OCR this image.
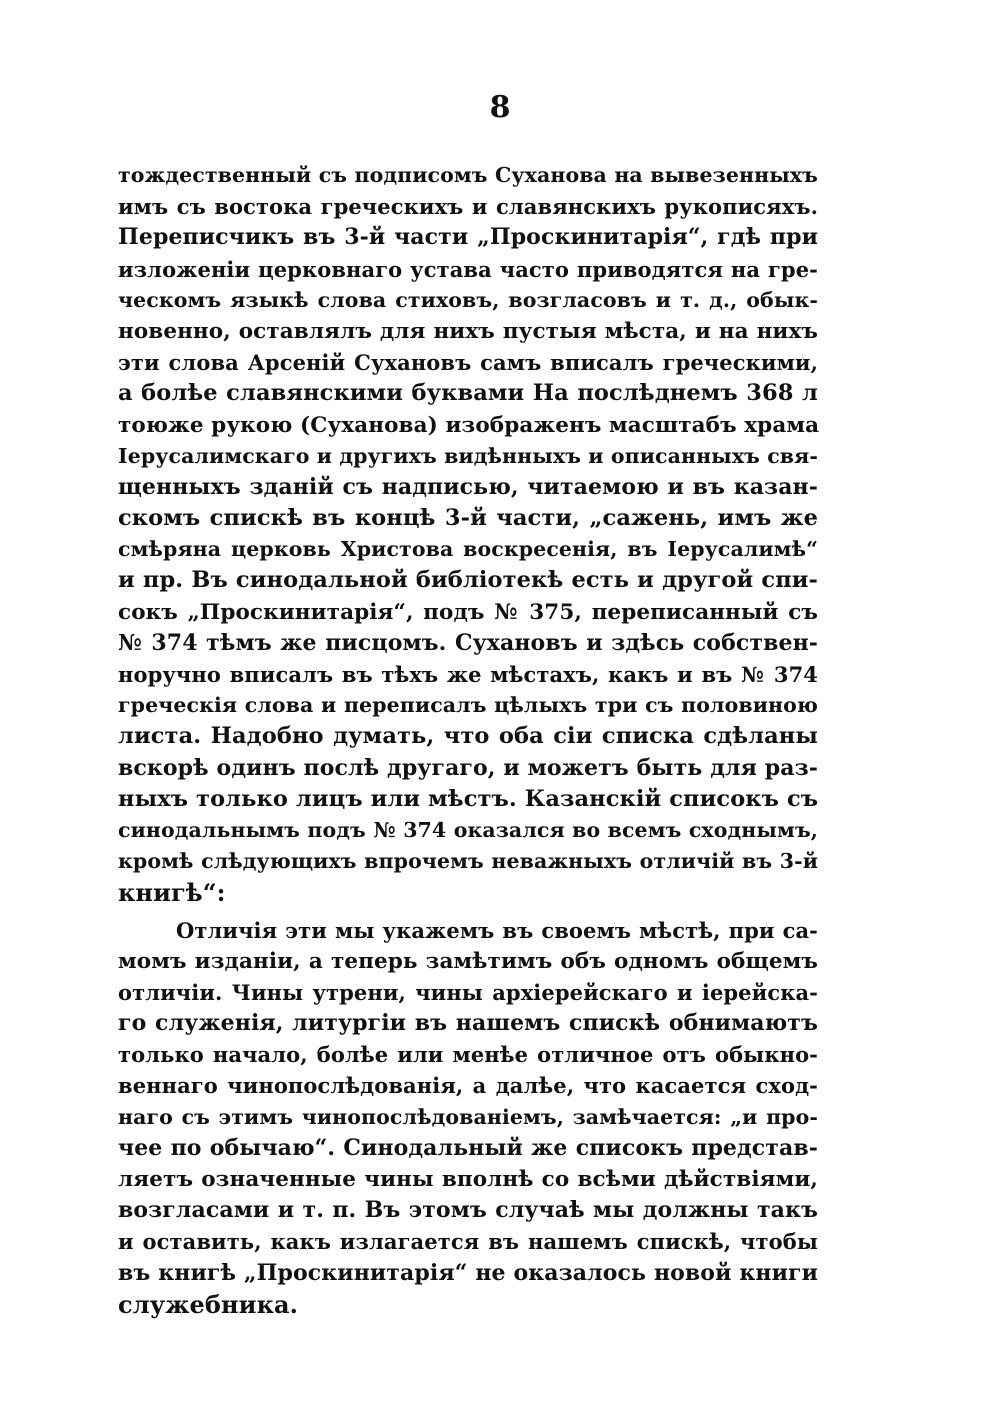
8
тождественный съ подписомъ Суханова на вывезенныхъ
имъ съ востока греческихъ и славянскихъ рукописяхъ.
Переписчикъ въ 3-й части „Проскинитарія“, гдѣ при
изложеніи церковнаго устава часто приводятся на гре-
ческомъ языкѣ слова стиховъ, возгласовъ и т. д., обык-
новенно, оставлялъ для нихъ пустыя мѣста, и на нихъ
эти слова Арсеній Сухановъ самъ вписалъ греческими,
а болѣе славянскими буквами На послѣднемъ 368 л
тоюже рукою (Суханова) изображенъ масштабъ храма
Іерусалимскаго и другихъ видѣнныхъ и описанныхъ свя-
щенныхъ зданій съ надписью, читаемою и въ казан-
скомъ спискѣ въ концѣ 3-й части, „сажень, имъ же
смѣряна церковь Христова воскресенія, въ Іерусалимѣ“
и пр. Въ синодальной библіотекѣ есть и другой спи-
сокъ „Проскинитарія“, подъ № 375, переписанный съ
№ 374 тѣмъ же писцомъ. Сухановъ и здѣсь собствен-
норучно вписалъ въ тѣхъ же мѣстахъ, какъ и въ № 374
греческія слова и переписалъ цѣлыхъ три съ половиною
листа. Надобно думать, что оба сіи списка сдѣланы
вскорѣ одинъ послѣ другаго, и можетъ быть для раз-
ныхъ только лицъ или мѣстъ. Казанскій списокъ съ
синодальнымъ подъ № 374 оказался во всемъ сходнымъ,
кромѣ слѣдующихъ впрочемъ неважныхъ отличій въ 3-й
книгѣ“:
Отличія эти мы укажемъ въ своемъ мѣстѣ, при са-
момъ изданіи, а теперь замѣтимъ объ одномъ общемъ
отличіи. Чины утрени, чины архіерейскаго и іерейска-
го служенія, литургіи въ нашемъ спискѣ обнимаютъ
только начало, болѣе или менѣе отличное отъ обыкно-
веннаго чинопослѣдованія, а далѣе, что касается сход-
наго съ этимъ чинопослѣдованіемъ, замѣчается: „и про-
чее по обычаю“. Синодальный же списокъ представ-
ляетъ означенные чины вполнѣ со всѣми дѣйствіями,
возгласами и т. п. Въ этомъ случаѣ мы должны такъ
и оставить, какъ излагается въ нашемъ спискѣ, чтобы
въ книгѣ „Проскинитарія“ не оказалось новой книги
служебника.
